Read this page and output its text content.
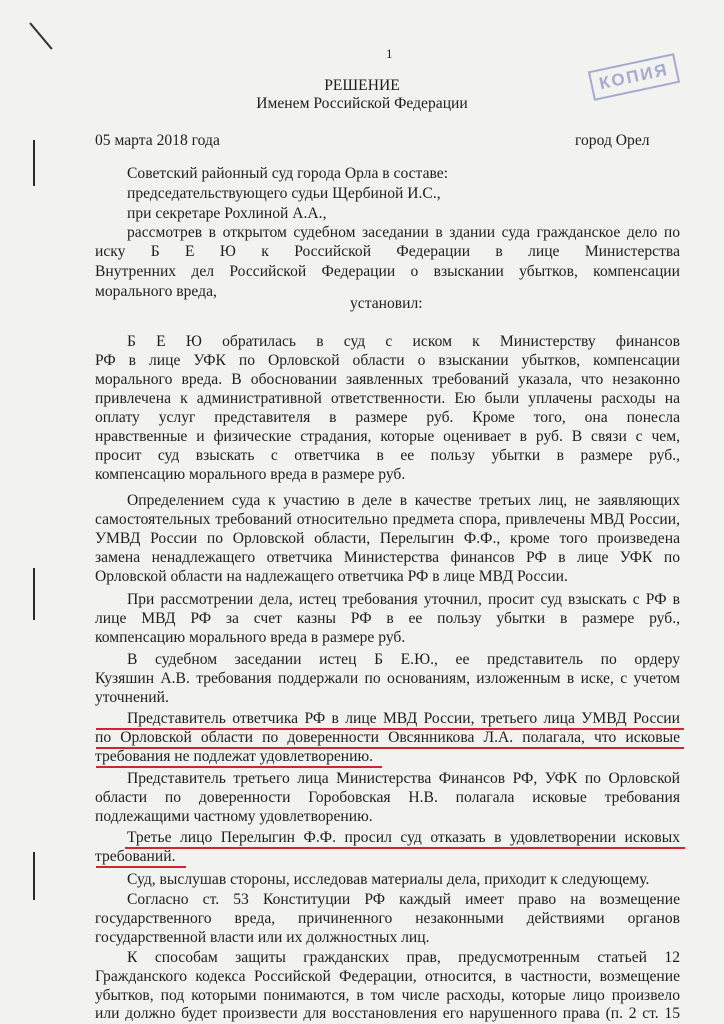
КОПИЯ
1
РЕШЕНИЕ
Именем Российской Федерации
05 марта 2018 года	город Орел
Советский районный суд города Орла в составе:
председательствующего судьи Щербиной И.С.,
при секретаре Рохлиной А.А.,
рассмотрев в открытом судебном заседании в здании суда гражданское дело по
иску Б Е Ю к Российской Федерации в лице Министерства
Внутренних дел Российской Федерации о взыскании убытков, компенсации
морального вреда,
установил:
Б Е Ю обратилась в суд с иском к Министерству финансов
РФ в лице УФК по Орловской области о взыскании убытков, компенсации
морального вреда. В обосновании заявленных требований указала, что незаконно
привлечена к административной ответственности. Ею были уплачены расходы на
оплату услуг представителя в размере руб. Кроме того, она понесла
нравственные и физические страдания, которые оценивает в руб. В связи с чем,
просит суд взыскать с ответчика в ее пользу убытки в размере руб.,
компенсацию морального вреда в размере руб.
Определением суда к участию в деле в качестве третьих лиц, не заявляющих
самостоятельных требований относительно предмета спора, привлечены МВД России,
УМВД России по Орловской области, Перелыгин Ф.Ф., кроме того произведена
замена ненадлежащего ответчика Министерства финансов РФ в лице УФК по
Орловской области на надлежащего ответчика РФ в лице МВД России.
При рассмотрении дела, истец требования уточнил, просит суд взыскать с РФ в
лице МВД РФ за счет казны РФ в ее пользу убытки в размере руб.,
компенсацию морального вреда в размере руб.
В судебном заседании истец Б Е.Ю., ее представитель по ордеру
Кузяшин А.В. требования поддержали по основаниям, изложенным в иске, с учетом
уточнений.
Представитель ответчика РФ в лице МВД России, третьего лица УМВД России
по Орловской области по доверенности Овсянникова Л.А. полагала, что исковые
требования не подлежат удовлетворению.
Представитель третьего лица Министерства Финансов РФ, УФК по Орловской
области по доверенности Горобовская Н.В. полагала исковые требования
подлежащими частному удовлетворению.
Третье лицо Перелыгин Ф.Ф. просил суд отказать в удовлетворении исковых
требований.
Суд, выслушав стороны, исследовав материалы дела, приходит к следующему.
Согласно ст. 53 Конституции РФ каждый имеет право на возмещение
государственного вреда, причиненного незаконными действиями органов
государственной власти или их должностных лиц.
К способам защиты гражданских прав, предусмотренным статьей 12
Гражданского кодекса Российской Федерации, относится, в частности, возмещение
убытков, под которыми понимаются, в том числе расходы, которые лицо произвело
или должно будет произвести для восстановления его нарушенного права (п. 2 ст. 15
